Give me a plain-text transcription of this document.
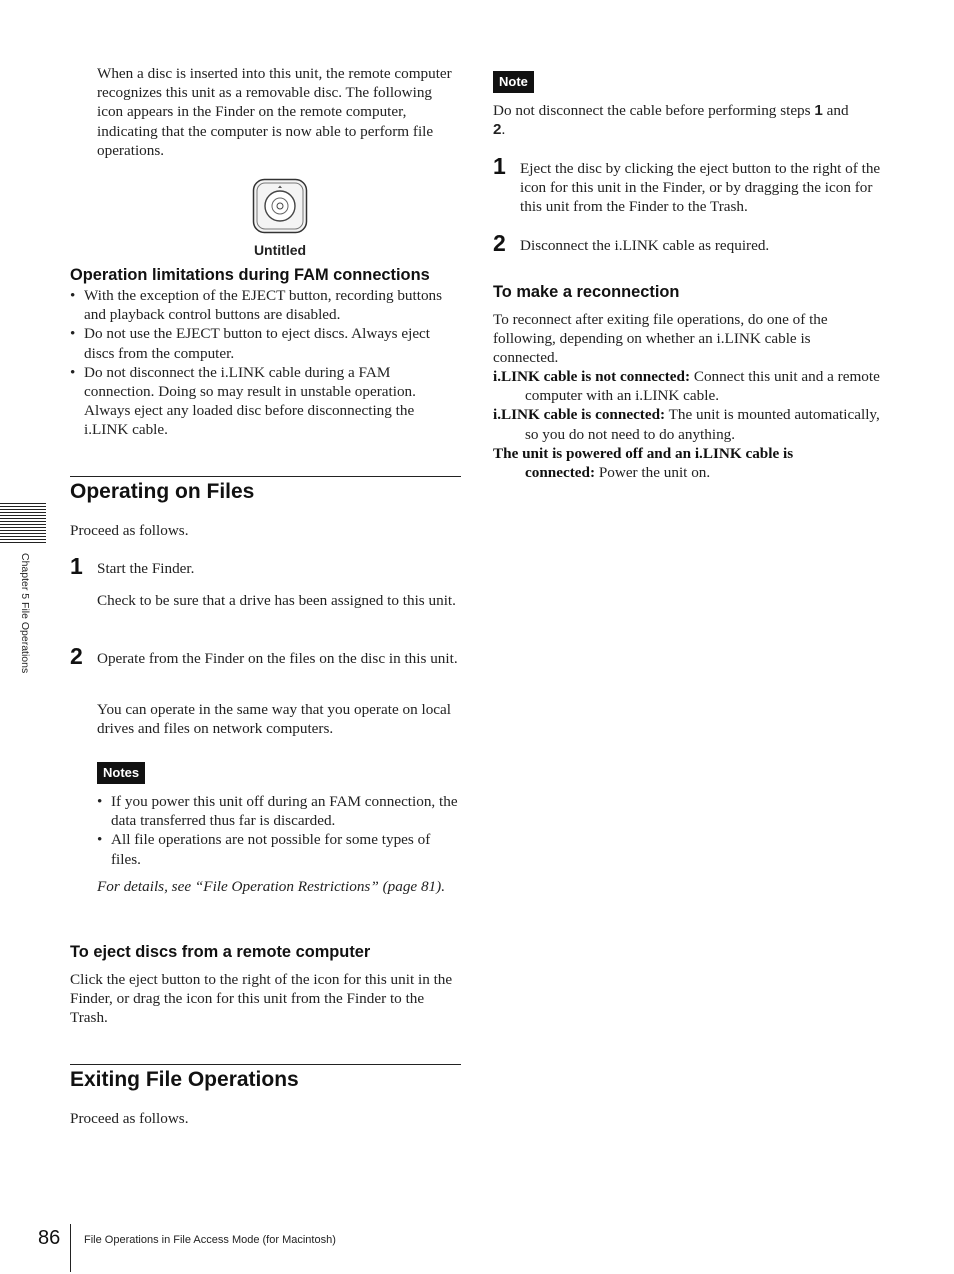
When a disc is inserted into this unit, the remote computer recognizes this unit as a removable disc. The following icon appears in the Finder on the remote computer, indicating that the computer is now able to perform file operations.

Untitled
Operation limitations during FAM connections
• With the exception of the EJECT button, recording buttons and playback control buttons are disabled.
• Do not use the EJECT button to eject discs. Always eject discs from the computer.
• Do not disconnect the i.LINK cable during a FAM connection. Doing so may result in unstable operation. Always eject any loaded disc before disconnecting the i.LINK cable.
Operating on Files

Proceed as follows.

1 Start the Finder.

Check to be sure that a drive has been assigned to this unit.

2 Operate from the Finder on the files on the disc in this unit.

You can operate in the same way that you operate on local drives and files on network computers.

Notes
• If you power this unit off during an FAM connection, the data transferred thus far is discarded.
• All file operations are not possible for some types of files.

For details, see “File Operation Restrictions” (page 81).

To eject discs from a remote computer

Click the eject button to the right of the icon for this unit in the Finder, or drag the icon for this unit from the Finder to the Trash.

Exiting File Operations

Proceed as follows.

Note

Do not disconnect the cable before performing steps 1 and
2.

1 Eject the disc by clicking the eject button to the right of the icon for this unit in the Finder, or by dragging the icon for this unit from the Finder to the Trash.

2 Disconnect the i.LINK cable as required.

To make a reconnection

To reconnect after exiting file operations, do one of the following, depending on whether an i.LINK cable is connected.

i.LINK cable is not connected: Connect this unit and a remote computer with an i.LINK cable.

i.LINK cable is connected: The unit is mounted automatically, so you do not need to do anything.

The unit is powered off and an i.LINK cable is connected: Power the unit on.

Chapter 5 File Operations
86 File Operations in File Access Mode (for Macintosh)
